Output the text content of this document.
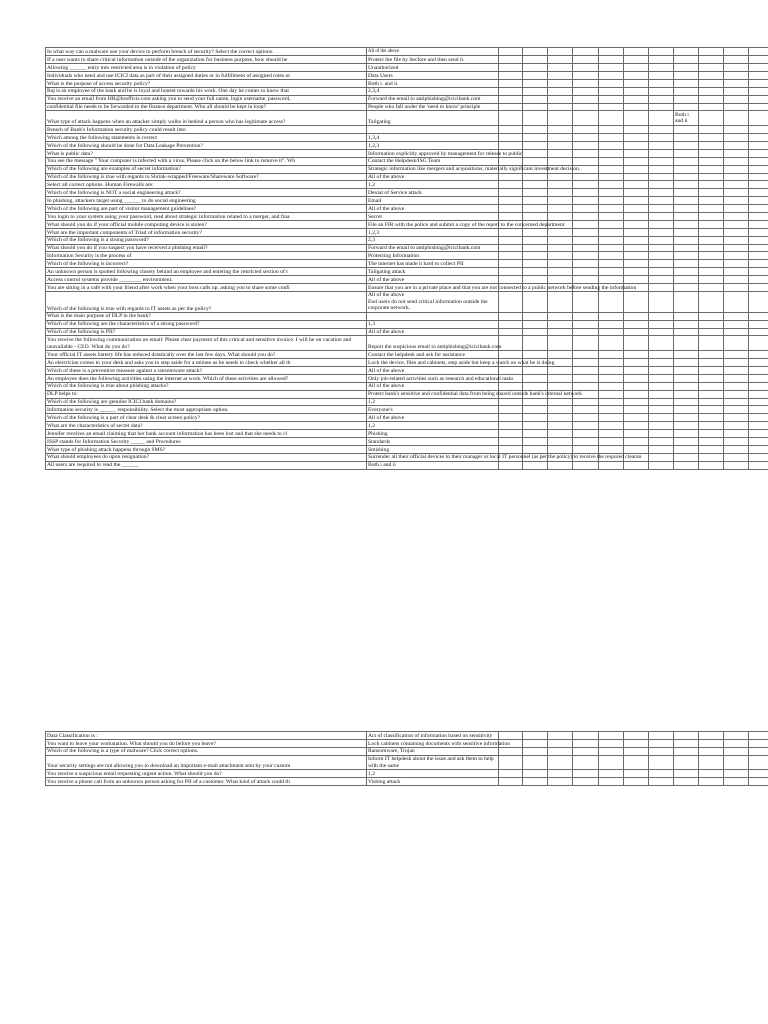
In what way can a malware use your device to perform breach of security? Select the correct options.	All of the above											
If a user wants to share critical information outside of the organization for business purpose, how should he	Protect the file by Secfore and then send it.											
Allowing ______ entry into restricted area is in violation of policy	Unauthorized											
Individuals who need and use ICICI data as part of their assigned duties or in fulfillment of assigned roles or	Data Users											
What is the purpose of access security policy?	Both i. and ii.											
Raj is an employee of the bank and he is loyal and honest towards his work. One day he comes to know that	2,3,4											
You receive an email from HR@hrofficis.com asking you to send your full name, login username, password,	Forward the email to antiphishing@icicibank.com											
confidential file needs to be forwarded to the finance department. Who all should be kept in loop?	People who fall under the 'need to know' principle											
What type of attack happens when an attacker simply walks in behind a person who has legitimate access?	Tailgating								Both i and ii			
Breach of Bank's Information security policy could result into												
Which among the following statements is correct	1,3,4											
Which of the following should be done for Data Leakage Prevention?	1,2,3											
What is public data?	Information explicitly approved by management for release to public											
You see the message " Your computer is infected with a virus. Please click on the below link to remove it". Wh	Contact the Helpdesk/ISG Team											
Which of the following are examples of secret information?	Strategic information like mergers and acquisitions, materially significant investment decision.											
Which of the following is true with regards to Shrink-wrapped/Freeware/Shareware Software?	All of the above											
Select all correct options. Human Firewalls are:	1,2											
Which of the following is NOT a social engineering attack?	Denial of Service attack											
In phishing, attackers target using ______ to do social engineering	Email											
Which of the following are part of visitor management guidelines?	All of the above											
You login to your system using your password, read about strategic information related to a merger, and fina	Secret											
What should you do if your official mobile computing device is stolen?	File an FIR with the police and submit a copy of the report to the concerned department											
What are the important components of Triad of information security?	1,2,3											
Which of the following is a strong password?	2,3											
What should you do if you suspect you have received a phishing email?	Forward the email to antiphishing@icicibank.com											
Information Security is the process of	Protecting Information											
Which of the following is incorrect?	The internet has made it hard to collect PII											
An unknown person is spotted following closely behind an employee and entering the restricted section of t	Tailgating attack											
Access control systems provide ________ environment.	All of the above											
You are sitting in a café with your friend after work when your boss calls up, asking you to share some confi	Ensure that you are in a private place and that you are not connected to a public network before sending the information											
Which of the following is true with regards to IT assets as per the policy?	All of the above
End users do not send critical information outside the corporate network.											
What is the main purpose of DLP in the bank?												
Which of the following are the characteristics of a strong password?	1,3											
Which of the following is PII?	All of the above											
You receive the following communication on email: Please clear payment of this critical and sensitive invoice. I will be on vacation and unavailable - CEO. What do you do?	Report the suspicious email to antiphishing@icicibank.com											
Your official IT assets battery life has reduced drastically over the last few days. What should you do?	Contact the helpdesk and ask for assistance											
An electrician comes to your desk and asks you to step aside for a minute as he needs to check whether all th	Lock the device, files and cabinets, step aside but keep a watch on what he is doing											
Which of these is a preventive measure against a ransomware attack?	All of the above											
An employee does the following activities using the internet at work. Which of these activities are allowed?	Only job-related activities such as research and educational tasks											
Which of the following is true about phishing attacks?	All of the above											
DLP helps to:	Protect bank's sensitive and confidential data from being shared outside bank's internal network											
Which of the following are genuine ICICI bank domains?	1,2											
Information security is ______ responsibility. Select the most appropriate option.	Everyone's											
Which of the following is a part of clear desk & clear screen policy?	All of the above											
What are the characteristics of secret data?	1,2											
Jennifer receives an email claiming that her bank account information has been lost and that she needs to cl	Phishing											
ISSP stands for Information Security _____ and Procedures	Standards											
What type of phishing attack happens through SMS?	Smishing											
What should employees do upon resignation?	Surrender all their official devices to their manager or local IT personnel (as per the policy) to receive the required clearan											
All users are required to read the ______	Both i and ii											
Data Classification is :	Act of classification of information based on sensitivity											
You want to leave your workstation. What should you do before you leave?	Lock cabinets containing documents with sensitive information											
Which of the following is a type of malware? Click correct options.	Ransomware, Trojan											
Your security settings are not allowing you to download an important e-mail attachment sent by your custom	Inform IT helpdesk about the issue and ask them to help with the same											
You receive a suspicious email requesting urgent action. What should you do?	1,2											
You receive a phone call from an unknown person asking for PII of a customer. What kind of attack could th	Vishing attack											
